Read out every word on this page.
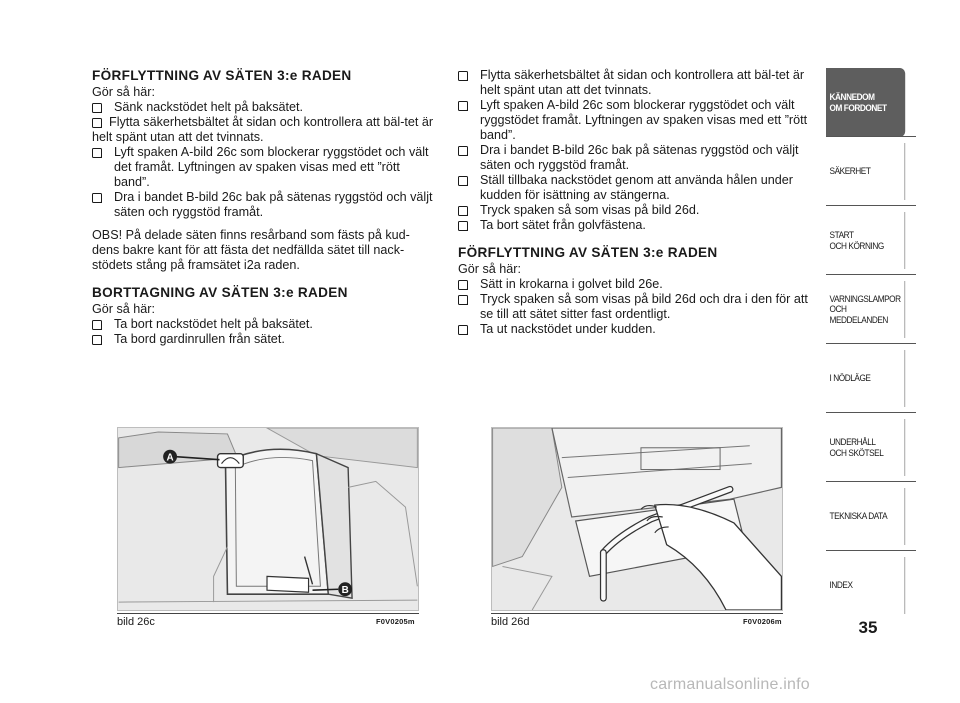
FÖRFLYTTNING AV SÄTEN 3:e RADEN
Gör så här:
Sänk nackstödet helt på baksätet.
Flytta säkerhetsbältet åt sidan och kontrollera att bäl-tet är helt spänt utan att det tvinnats.
Lyft spaken A-bild 26c som blockerar ryggstödet och vält det framåt. Lyftningen av spaken visas med ett ”rött band”.
Dra i bandet B-bild 26c bak på sätenas ryggstöd och väljt säten och ryggstöd framåt.
OBS! På delade säten finns resårband som fästs på kud-dens bakre kant för att fästa det nedfällda sätet till nack-stödets stång på framsätet i2a raden.
BORTTAGNING AV SÄTEN 3:e RADEN
Gör så här:
Ta bort nackstödet helt på baksätet.
Ta bord gardinrullen från sätet.
Flytta säkerhetsbältet åt sidan och kontrollera att bäl-tet är helt spänt utan att det tvinnats.
Lyft spaken A-bild 26c som blockerar ryggstödet och vält ryggstödet framåt. Lyftningen av spaken visas med ett ”rött band”.
Dra i bandet B-bild 26c bak på sätenas ryggstöd och väljt säten och ryggstöd framåt.
Ställ tillbaka nackstödet genom att använda hålen under kudden för isättning av stängerna.
Tryck spaken så som visas på bild 26d.
Ta bort sätet från golvfästena.
FÖRFLYTTNING AV SÄTEN 3:e RADEN
Gör så här:
Sätt in krokarna i golvet bild 26e.
Tryck spaken så som visas på bild 26d och dra i den för att se till att sätet sitter fast ordentligt.
Ta ut nackstödet under kudden.
A
B
bild 26c	F0V0205m	bild 26d	F0V0206m	35
KÄNNEDOM
OM FORDONET
SÄKERHET
START
OCH KÖRNING
VARNINGSLAMPOR
OCH
MEDDELANDEN
I NÖDLÄGE
UNDERHÅLL
OCH SKÖTSEL
TEKNISKA DATA
INDEX
carmanualsonline.info
